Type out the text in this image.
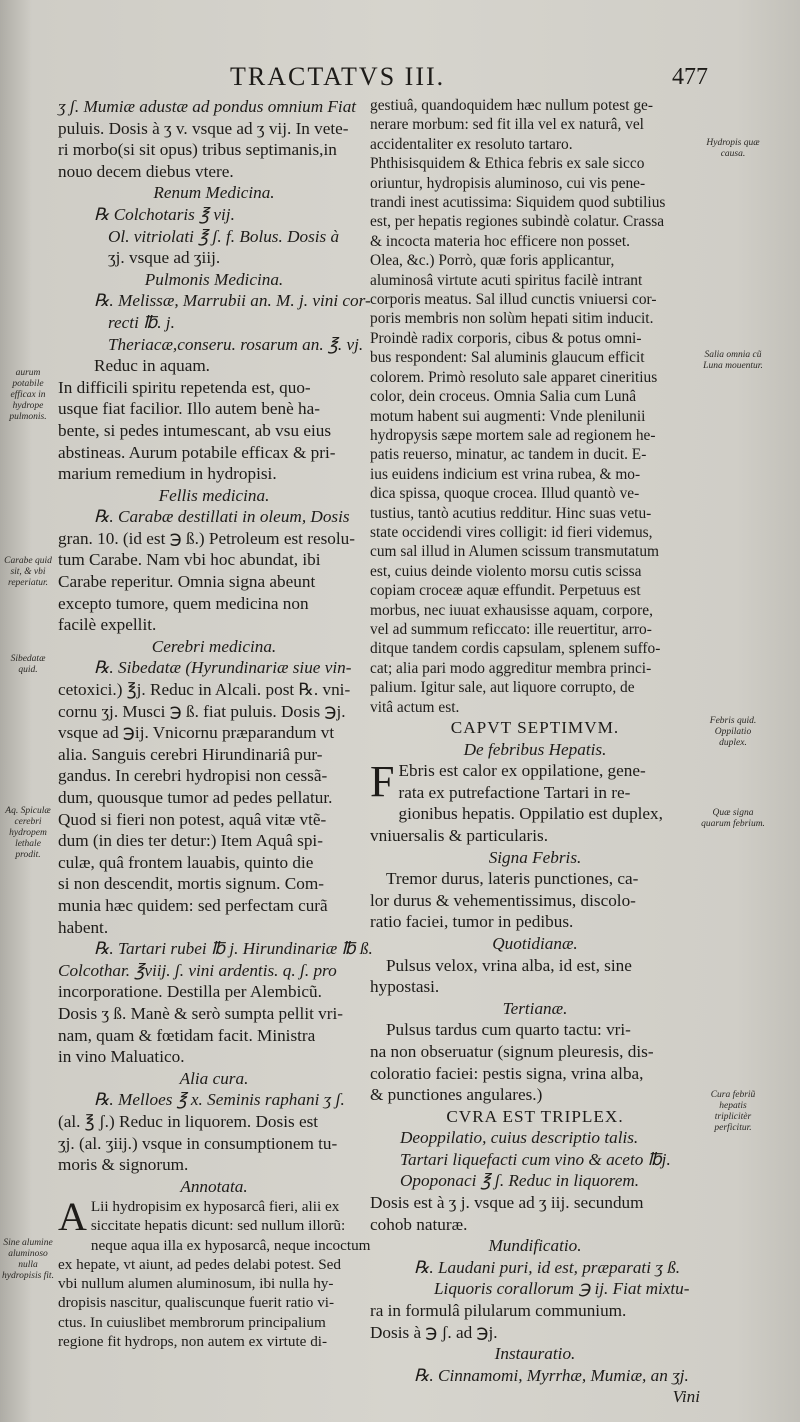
TRACTATVS III.	477

ʒ ʃ. Mumiæ adustæ ad pondus omnium Fiat

puluis. Dosis à ʒ v. vsque ad ʒ vij. In vete-

ri morbo(si sit opus) tribus septimanis,in

nouo decem diebus vtere.

Renum Medicina.

℞ Colchotaris ℥ vij.

Ol. vitriolati ℥ ʃ. f. Bolus. Dosis à

ʒj. vsque ad ʒiij.

Pulmonis Medicina.

℞. Melissæ, Marrubii an. M. j. vini cor-

recti ℔. j.

Theriacæ,conseru. rosarum an. ℥. vj.

Reduc in aquam.

In difficili spiritu repetenda est, quo-

usque fiat facilior. Illo autem benè ha-

bente, si pedes intumescant, ab vsu eius

abstineas. Aurum potabile efficax & pri-

marium remedium in hydropisi.

Fellis medicina.

℞. Carabæ destillati in oleum, Dosis

gran. 10. (id est ℈ ß.) Petroleum est resolu-

tum Carabe. Nam vbi hoc abundat, ibi

Carabe reperitur. Omnia signa abeunt

excepto tumore, quem medicina non

facilè expellit.

Cerebri medicina.

℞. Sibedatæ (Hyrundinariæ siue vin-

cetoxici.) ℥j. Reduc in Alcali. post ℞. vni-

cornu ʒj. Musci ℈ ß. fiat puluis. Dosis ℈j.

vsque ad ℈ij. Vnicornu præparandum vt

alia. Sanguis cerebri Hirundinariâ pur-

gandus. In cerebri hydropisi non cessã-

dum, quousque tumor ad pedes pellatur.

Quod si fieri non potest, aquâ vitæ vtẽ-

dum (in dies ter detur:) Item Aquâ spi-

culæ, quâ frontem lauabis, quinto die

si non descendit, mortis signum. Com-

munia hæc quidem: sed perfectam curã

habent.

℞. Tartari rubei ℔ j. Hirundinariæ ℔ ß.

Colcothar. ℥viij. ʃ. vini ardentis. q. ʃ. pro

incorporatione. Destilla per Alembicũ.

Dosis ʒ ß. Manè & serò sumpta pellit vri-

nam, quam & fœtidam facit. Ministra

in vino Maluatico.

Alia cura.

℞. Melloes ℥ x. Seminis raphani ʒ ʃ.

(al. ℥ ʃ.) Reduc in liquorem. Dosis est

ʒj. (al. ʒiij.) vsque in consumptionem tu-

moris & signorum.

Annotata.

A Lii hydropisim ex hyposarcâ fieri, alii ex

siccitate hepatis dicunt: sed nullum illorũ:

neque aqua illa ex hyposarcâ, neque incoctum

ex hepate, vt aiunt, ad pedes delabi potest. Sed

vbi nullum alumen aluminosum, ibi nulla hy-

dropisis nascitur, qualiscunque fuerit ratio vi-

ctus. In cuiuslibet membrorum principalium

regione fit hydrops, non autem ex virtute di-

gestiuâ, quandoquidem hæc nullum potest ge-

nerare morbum: sed fit illa vel ex naturâ, vel

accidentaliter ex resoluto tartaro.

Phthisisquidem & Ethica febris ex sale sicco

oriuntur, hydropisis aluminoso, cui vis pene-

trandi inest acutissima: Siquidem quod subtilius

est, per hepatis regiones subindè colatur. Crassa

& incocta materia hoc efficere non posset.

Olea, &c.) Porrò, quæ foris applicantur,

aluminosâ virtute acuti spiritus facilè intrant

corporis meatus. Sal illud cunctis vniuersi cor-

poris membris non solùm hepati sitim inducit.

Proindè radix corporis, cibus & potus omni-

bus respondent: Sal aluminis glaucum efficit

colorem. Primò resoluto sale apparet cineritius

color, dein croceus. Omnia Salia cum Lunâ

motum habent sui augmenti: Vnde plenilunii

hydropysis sæpe mortem sale ad regionem he-

patis reuerso, minatur, ac tandem in ducit. E-

ius euidens indicium est vrina rubea, & mo-

dica spissa, quoque crocea. Illud quantò ve-

tustius, tantò acutius redditur. Hinc suas vetu-

state occidendi vires colligit: id fieri videmus,

cum sal illud in Alumen scissum transmutatum

est, cuius deinde violento morsu cutis scissa

copiam croceæ aquæ effundit. Perpetuus est

morbus, nec iuuat exhausisse aquam, corpore,

vel ad summum reficcato: ille reuertitur, arro-

ditque tandem cordis capsulam, splenem suffo-

cat; alia pari modo aggreditur membra princi-

palium. Igitur sale, aut liquore corrupto, de

vitâ actum est.

CAPVT SEPTIMVM.

De febribus Hepatis.

F Ebris est calor ex oppilatione, gene-

rata ex putrefactione Tartari in re-

gionibus hepatis. Oppilatio est duplex,

vniuersalis & particularis.

Signa Febris.

Tremor durus, lateris punctiones, ca-

lor durus & vehementissimus, discolo-

ratio faciei, tumor in pedibus.

Quotidianæ.

Pulsus velox, vrina alba, id est, sine

hypostasi.

Tertianæ.

Pulsus tardus cum quarto tactu: vri-

na non obseruatur (signum pleuresis, dis-

coloratio faciei: pestis signa, vrina alba,

& punctiones angulares.)

CVRA EST TRIPLEX.

Deoppilatio, cuius descriptio talis.

Tartari liquefacti cum vino & aceto ℔j.

Opoponaci ℥ ʃ. Reduc in liquorem.

Dosis est à ʒ j. vsque ad ʒ iij. secundum

cohob naturæ.

Mundificatio.

℞. Laudani puri, id est, præparati ʒ ß.

Liquoris corallorum ℈ ij. Fiat mixtu-

ra in formulâ pilularum communium.

Dosis à ℈ ʃ. ad ℈j.

Instauratio.

℞. Cinnamomi, Myrrhæ, Mumiæ, an ʒj.

Vini

aurum potabile efficax in hydrope pulmonis.
Carabe quid sit, & vbi reperiatur.
Sibedatæ quid.
Aq. Spiculæ cerebri hydropem lethale prodit.
Sine alumine aluminoso nulla hydropisis fit.
Hydropis quæ causa.
Salia omnia cũ Luna mouentur.
Febris quid. Oppilatio duplex.
Quæ signa quarum febrium.
Cura febriũ hepatis triplicitèr perficitur.
